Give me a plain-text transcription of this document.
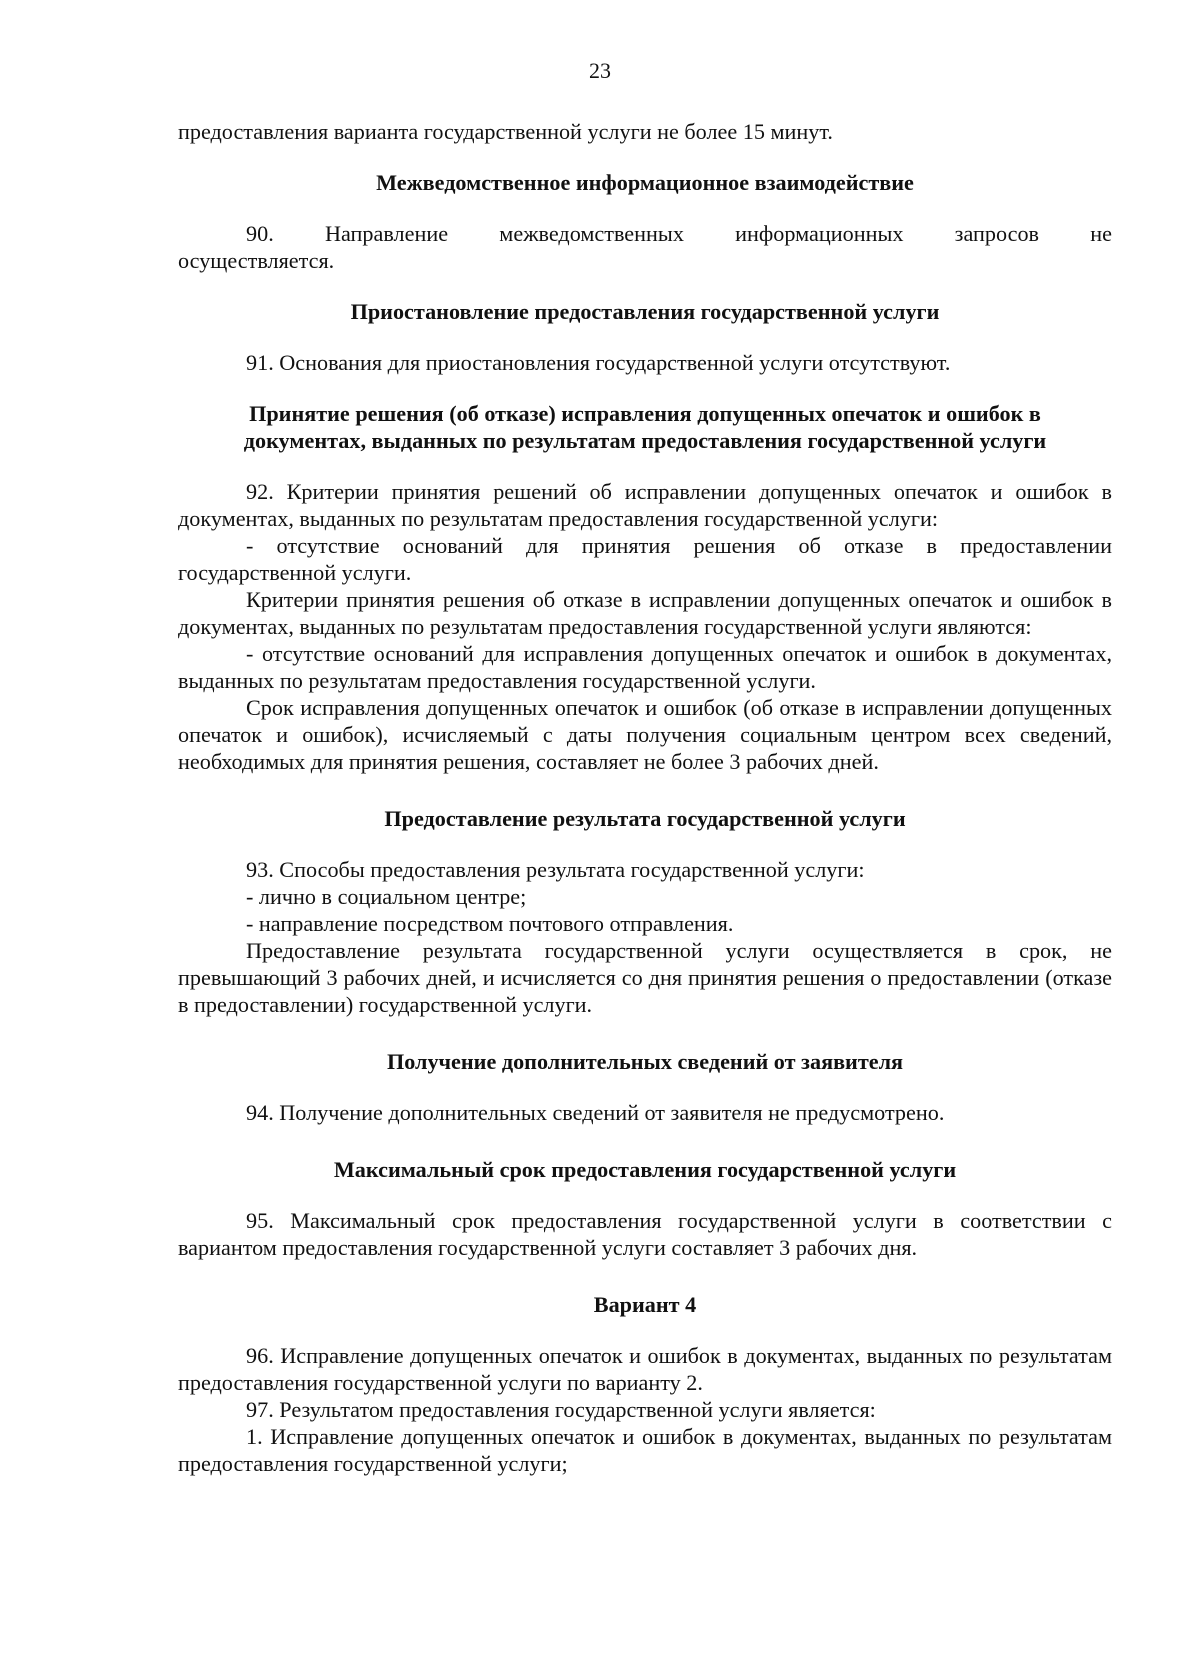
23

предоставления варианта государственной услуги не более 15 минут.

Межведомственное информационное взаимодействие

90. Направление межведомственных информационных запросов не

осуществляется.

Приостановление предоставления государственной услуги

91. Основания для приостановления государственной услуги отсутствуют.

Принятие решения (об отказе) исправления допущенных опечаток и ошибок в

документах, выданных по результатам предоставления государственной услуги

92. Критерии принятия решений об исправлении допущенных опечаток и ошибок в документах, выданных по результатам предоставления государственной услуги:

- отсутствие оснований для принятия решения об отказе в предоставлении государственной услуги.

Критерии принятия решения об отказе в исправлении допущенных опечаток и ошибок в документах, выданных по результатам предоставления государственной услуги являются:

- отсутствие оснований для исправления допущенных опечаток и ошибок в документах, выданных по результатам предоставления государственной услуги.

Срок исправления допущенных опечаток и ошибок (об отказе в исправлении допущенных опечаток и ошибок), исчисляемый с даты получения социальным центром всех сведений, необходимых для принятия решения, составляет не более 3 рабочих дней.

Предоставление результата государственной услуги

93. Способы предоставления результата государственной услуги:

- лично в социальном центре;

- направление посредством почтового отправления.

Предоставление результата государственной услуги осуществляется в срок, не превышающий 3 рабочих дней, и исчисляется со дня принятия решения о предоставлении (отказе в предоставлении) государственной услуги.

Получение дополнительных сведений от заявителя

94. Получение дополнительных сведений от заявителя не предусмотрено.

Максимальный срок предоставления государственной услуги

95. Максимальный срок предоставления государственной услуги в соответствии с вариантом предоставления государственной услуги составляет 3 рабочих дня.

Вариант 4

96. Исправление допущенных опечаток и ошибок в документах, выданных по результатам предоставления государственной услуги по варианту 2.

97. Результатом предоставления государственной услуги является:

1. Исправление допущенных опечаток и ошибок в документах, выданных по результатам предоставления государственной услуги;
